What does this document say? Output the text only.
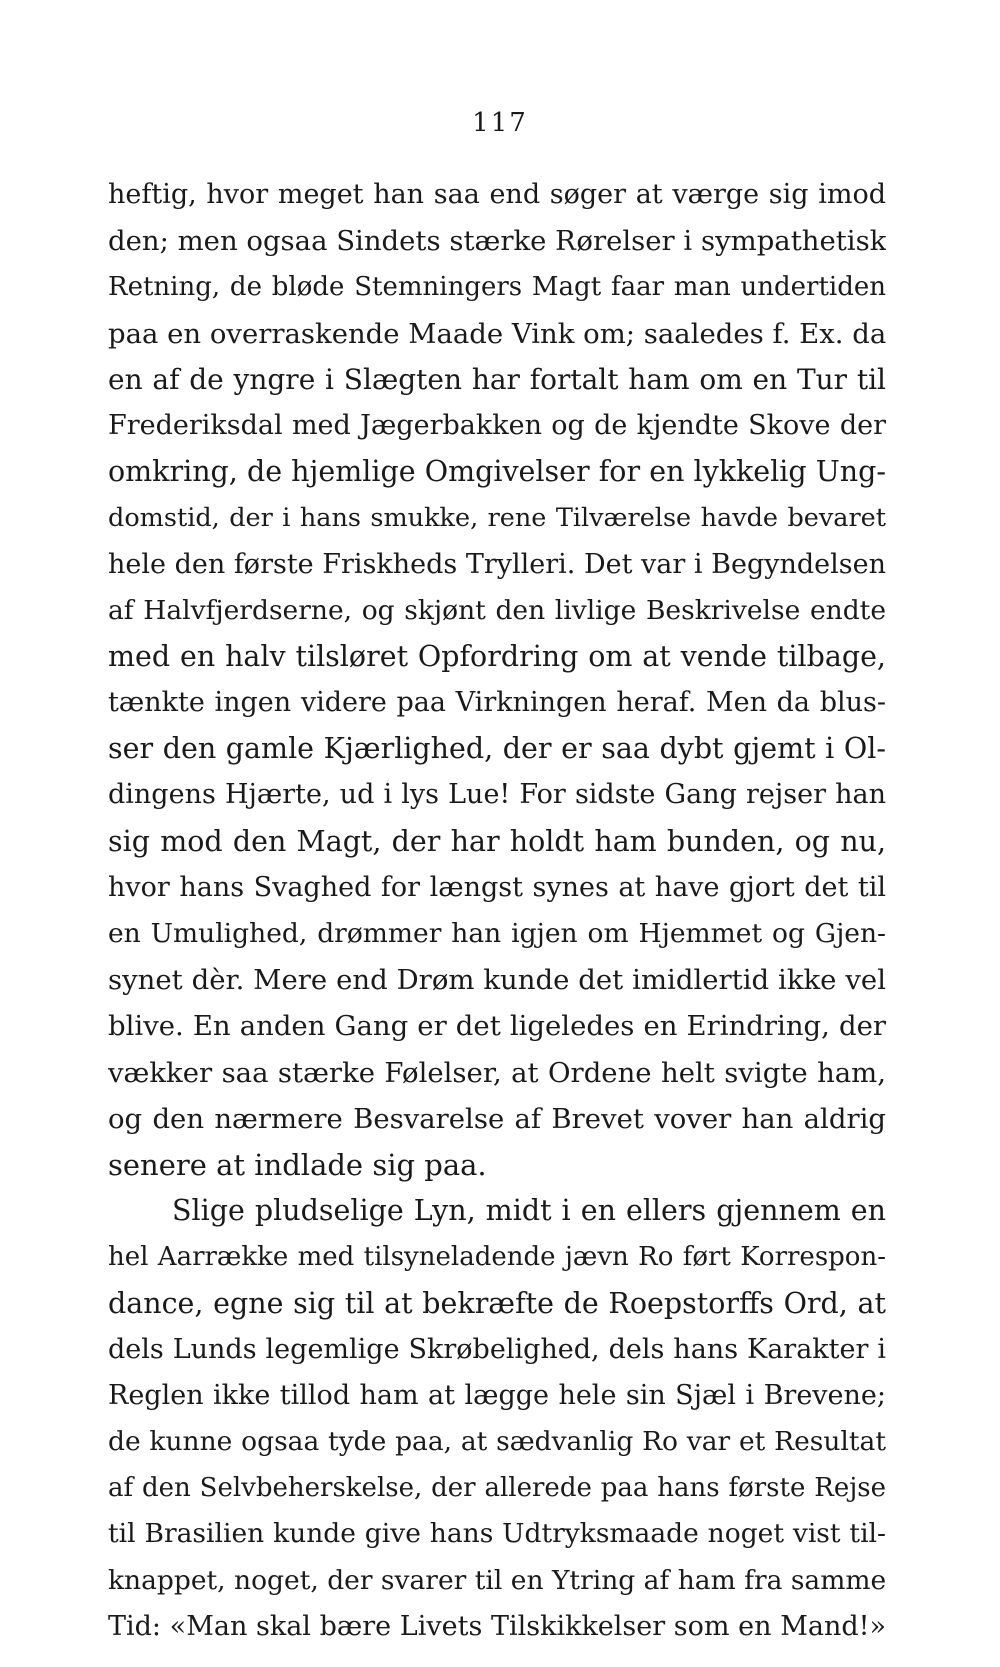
117
heftig, hvor meget han saa end søger at værge sig imod
den; men ogsaa Sindets stærke Rørelser i sympathetisk
Retning, de bløde Stemningers Magt faar man undertiden
paa en overraskende Maade Vink om; saaledes f. Ex. da
en af de yngre i Slægten har fortalt ham om en Tur til
Frederiksdal med Jægerbakken og de kjendte Skove der
omkring, de hjemlige Omgivelser for en lykkelig Ung-
domstid, der i hans smukke, rene Tilværelse havde bevaret
hele den første Friskheds Trylleri. Det var i Begyndelsen
af Halvfjerdserne, og skjønt den livlige Beskrivelse endte
med en halv tilsløret Opfordring om at vende tilbage,
tænkte ingen videre paa Virkningen heraf. Men da blus-
ser den gamle Kjærlighed, der er saa dybt gjemt i Ol-
dingens Hjærte, ud i lys Lue! For sidste Gang rejser han
sig mod den Magt, der har holdt ham bunden, og nu,
hvor hans Svaghed for længst synes at have gjort det til
en Umulighed, drømmer han igjen om Hjemmet og Gjen-
synet dèr. Mere end Drøm kunde det imidlertid ikke vel
blive. En anden Gang er det ligeledes en Erindring, der
vækker saa stærke Følelser, at Ordene helt svigte ham,
og den nærmere Besvarelse af Brevet vover han aldrig
senere at indlade sig paa.
Slige pludselige Lyn, midt i en ellers gjennem en
hel Aarrække med tilsyneladende jævn Ro ført Korrespon-
dance, egne sig til at bekræfte de Roepstorffs Ord, at
dels Lunds legemlige Skrøbelighed, dels hans Karakter i
Reglen ikke tillod ham at lægge hele sin Sjæl i Brevene;
de kunne ogsaa tyde paa, at sædvanlig Ro var et Resultat
af den Selvbeherskelse, der allerede paa hans første Rejse
til Brasilien kunde give hans Udtryksmaade noget vist til-
knappet, noget, der svarer til en Ytring af ham fra samme
Tid: «Man skal bære Livets Tilskikkelser som en Mand!»
